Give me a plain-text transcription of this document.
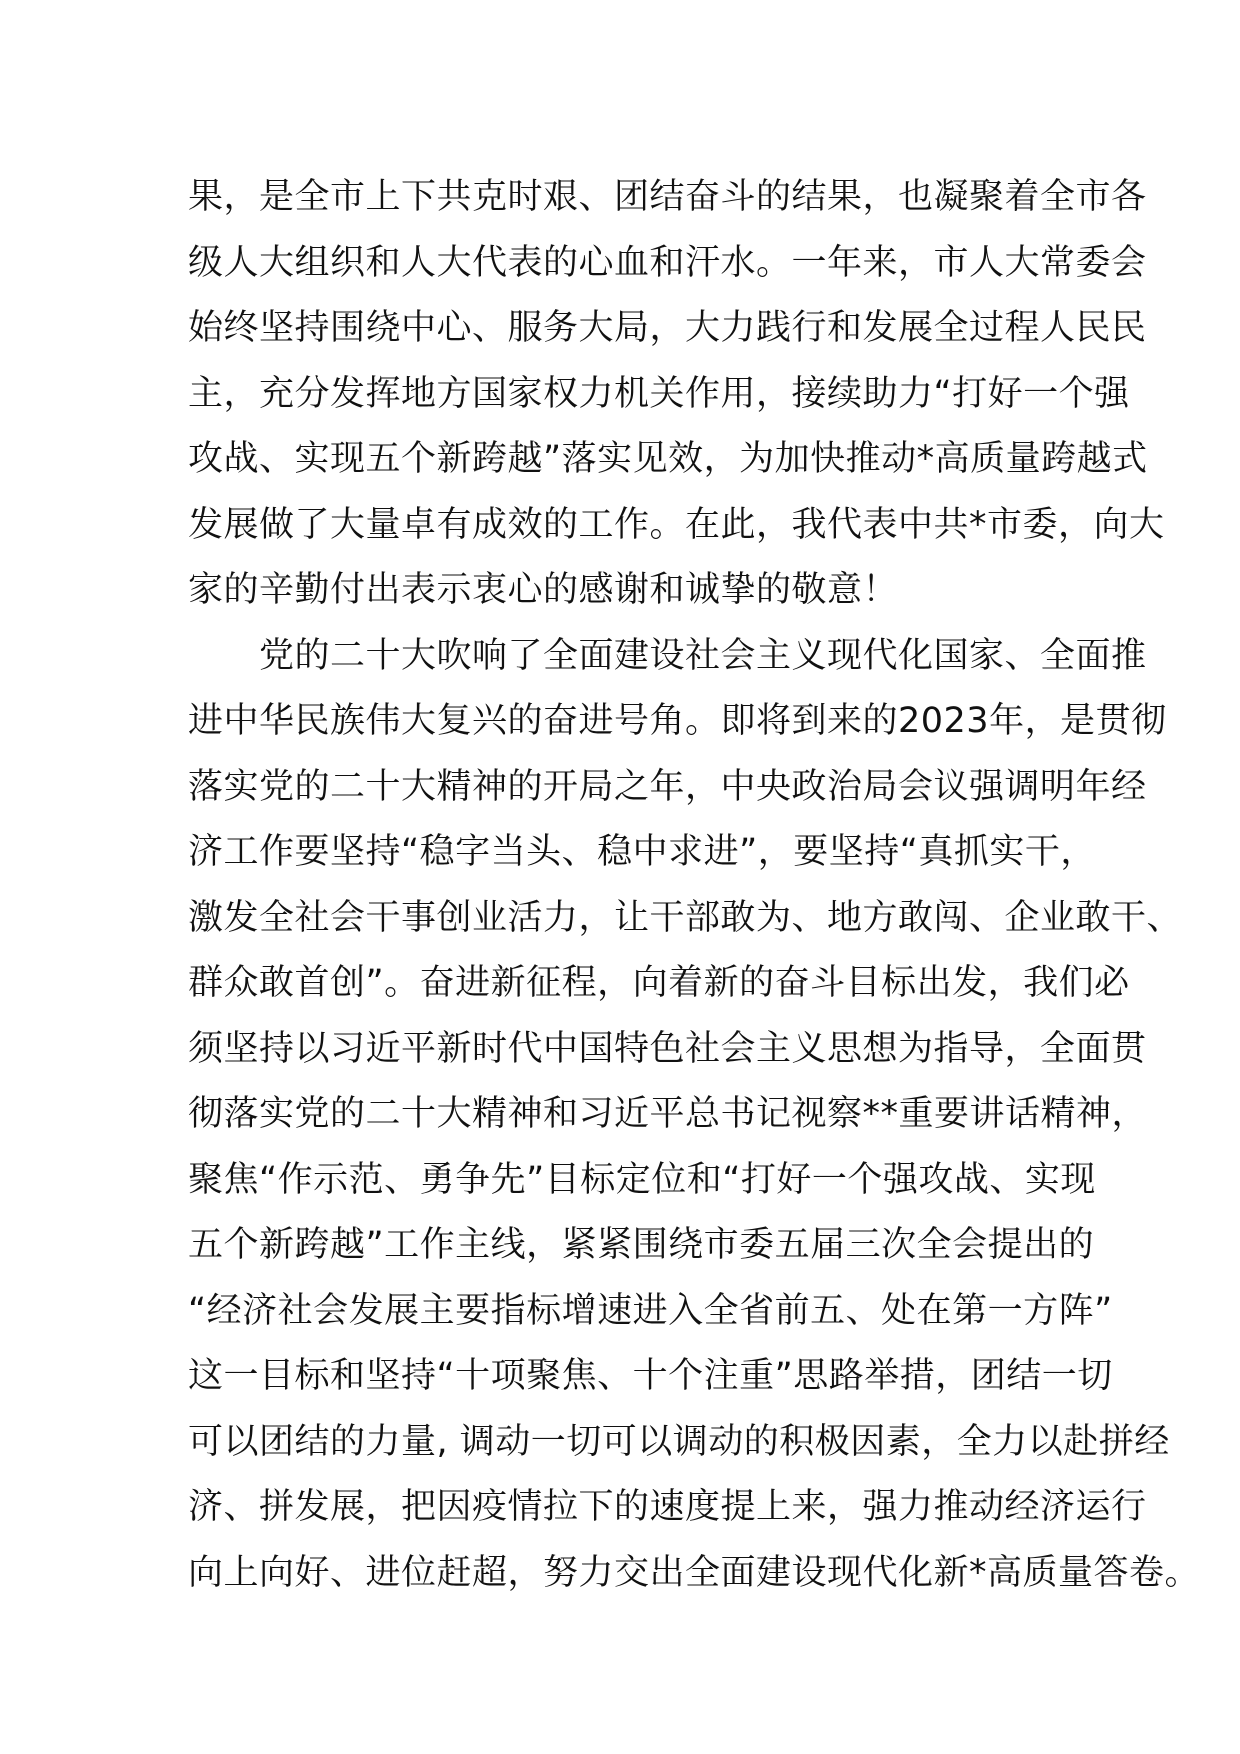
果，是全市上下共克时艰、团结奋斗的结果，也凝聚着全市各
级人大组织和人大代表的心血和汗水。一年来，市人大常委会
始终坚持围绕中心、服务大局，大力践行和发展全过程人民民
主，充分发挥地方国家权力机关作用，接续助力“打好一个强
攻战、实现五个新跨越”落实见效，为加快推动*高质量跨越式
发展做了大量卓有成效的工作。在此，我代表中共*市委，向大
家的辛勤付出表示衷心的感谢和诚挚的敬意！
　　党的二十大吹响了全面建设社会主义现代化国家、全面推
进中华民族伟大复兴的奋进号角。即将到来的2023年，是贯彻
落实党的二十大精神的开局之年，中央政治局会议强调明年经
济工作要坚持“稳字当头、稳中求进”，要坚持“真抓实干，
激发全社会干事创业活力，让干部敢为、地方敢闯、企业敢干、
群众敢首创”。奋进新征程，向着新的奋斗目标出发，我们必
须坚持以习近平新时代中国特色社会主义思想为指导，全面贯
彻落实党的二十大精神和习近平总书记视察**重要讲话精神，
聚焦“作示范、勇争先”目标定位和“打好一个强攻战、实现
五个新跨越”工作主线，紧紧围绕市委五届三次全会提出的
“经济社会发展主要指标增速进入全省前五、处在第一方阵”
这一目标和坚持“十项聚焦、十个注重”思路举措，团结一切
可以团结的力量, 调动一切可以调动的积极因素，全力以赴拼经
济、拼发展，把因疫情拉下的速度提上来，强力推动经济运行
向上向好、进位赶超，努力交出全面建设现代化新*高质量答卷。
